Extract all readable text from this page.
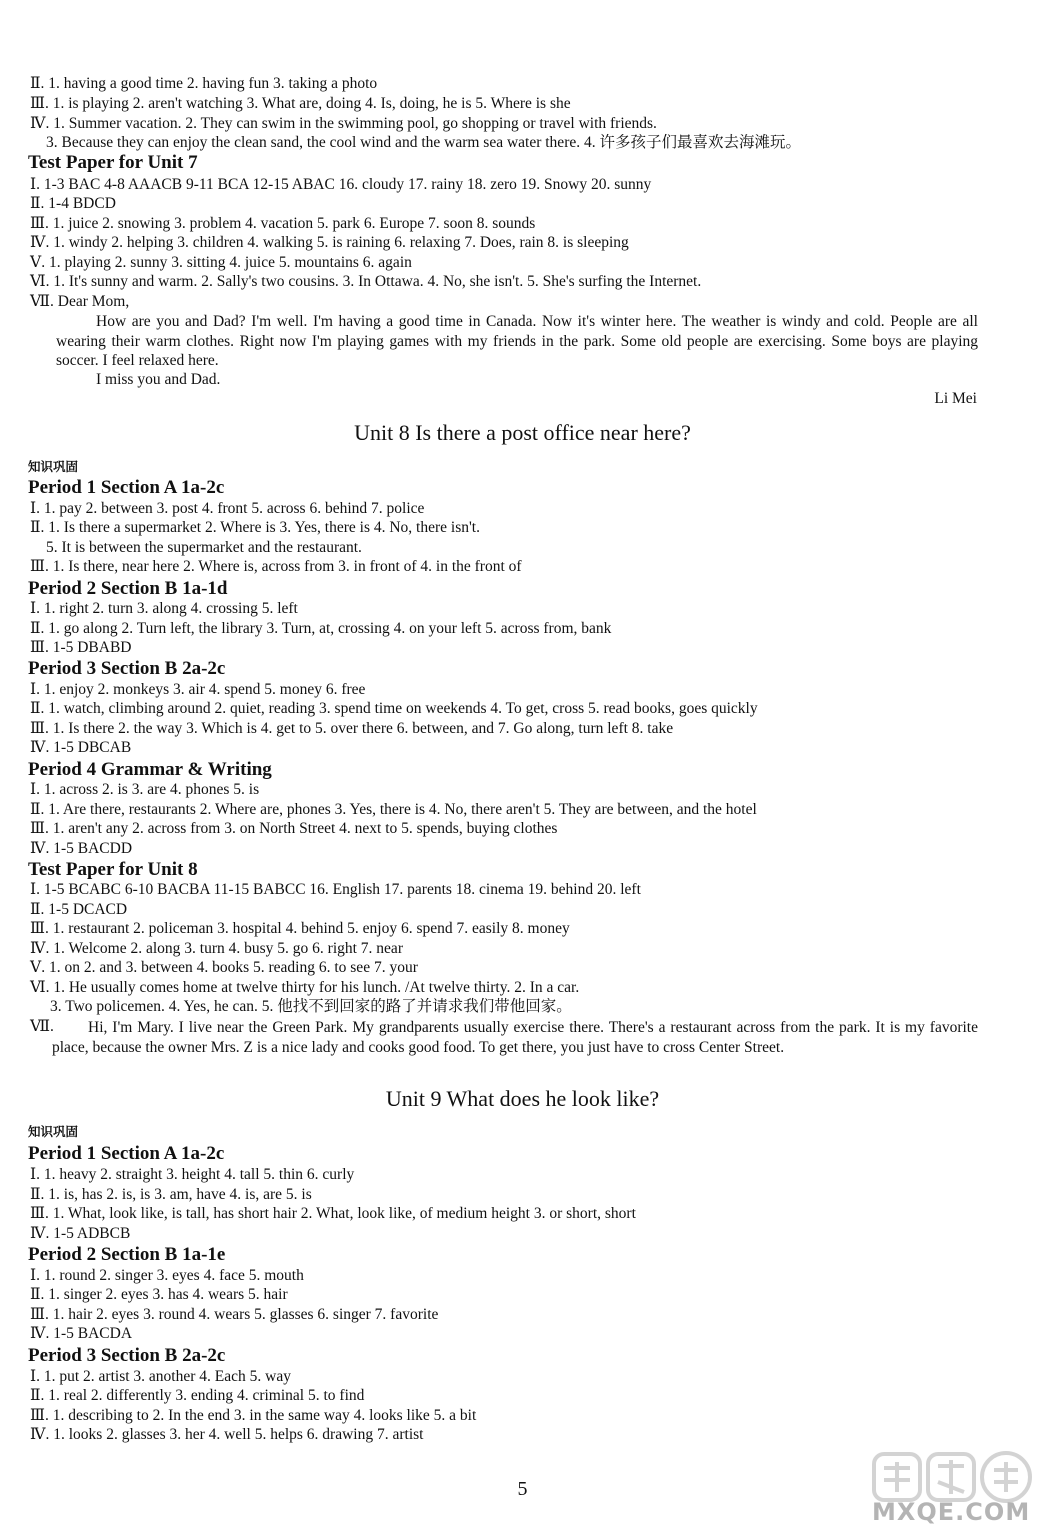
Ⅱ. 1. having a good time 2. having fun 3. taking a photo
Ⅲ. 1. is playing 2. aren't watching 3. What are, doing 4. Is, doing, he is 5. Where is she
Ⅳ. 1. Summer vacation. 2. They can swim in the swimming pool, go shopping or travel with friends.
3. Because they can enjoy the clean sand, the cool wind and the warm sea water there. 4. 许多孩子们最喜欢去海滩玩。
Test Paper for Unit 7
Ⅰ. 1-3 BAC 4-8 AAACB 9-11 BCA 12-15 ABAC 16. cloudy 17. rainy 18. zero 19. Snowy 20. sunny
Ⅱ. 1-4 BDCD
Ⅲ. 1. juice 2. snowing 3. problem 4. vacation 5. park 6. Europe 7. soon 8. sounds
Ⅳ. 1. windy 2. helping 3. children 4. walking 5. is raining 6. relaxing 7. Does, rain 8. is sleeping
Ⅴ. 1. playing 2. sunny 3. sitting 4. juice 5. mountains 6. again
Ⅵ. 1. It's sunny and warm. 2. Sally's two cousins. 3. In Ottawa. 4. No, she isn't. 5. She's surfing the Internet.
Ⅶ. Dear Mom,
How are you and Dad? I'm well. I'm having a good time in Canada. Now it's winter here. The weather is windy and cold. People are all wearing their warm clothes. Right now I'm playing games with my friends in the park. Some old people are exercising. Some boys are playing soccer. I feel relaxed here.
I miss you and Dad.
Li Mei
Unit 8 Is there a post office near here?
知识巩固
Period 1 Section A 1a-2c
Ⅰ. 1. pay 2. between 3. post 4. front 5. across 6. behind 7. police
Ⅱ. 1. Is there a supermarket 2. Where is 3. Yes, there is 4. No, there isn't.
5. It is between the supermarket and the restaurant.
Ⅲ. 1. Is there, near here 2. Where is, across from 3. in front of 4. in the front of
Period 2 Section B 1a-1d
Ⅰ. 1. right 2. turn 3. along 4. crossing 5. left
Ⅱ. 1. go along 2. Turn left, the library 3. Turn, at, crossing 4. on your left 5. across from, bank
Ⅲ. 1-5 DBABD
Period 3 Section B 2a-2c
Ⅰ. 1. enjoy 2. monkeys 3. air 4. spend 5. money 6. free
Ⅱ. 1. watch, climbing around 2. quiet, reading 3. spend time on weekends 4. To get, cross 5. read books, goes quickly
Ⅲ. 1. Is there 2. the way 3. Which is 4. get to 5. over there 6. between, and 7. Go along, turn left 8. take
Ⅳ. 1-5 DBCAB
Period 4 Grammar & Writing
Ⅰ. 1. across 2. is 3. are 4. phones 5. is
Ⅱ. 1. Are there, restaurants 2. Where are, phones 3. Yes, there is 4. No, there aren't 5. They are between, and the hotel
Ⅲ. 1. aren't any 2. across from 3. on North Street 4. next to 5. spends, buying clothes
Ⅳ. 1-5 BACDD
Test Paper for Unit 8
Ⅰ. 1-5 BCABC 6-10 BACBA 11-15 BABCC 16. English 17. parents 18. cinema 19. behind 20. left
Ⅱ. 1-5 DCACD
Ⅲ. 1. restaurant 2. policeman 3. hospital 4. behind 5. enjoy 6. spend 7. easily 8. money
Ⅳ. 1. Welcome 2. along 3. turn 4. busy 5. go 6. right 7. near
Ⅴ. 1. on 2. and 3. between 4. books 5. reading 6. to see 7. your
Ⅵ. 1. He usually comes home at twelve thirty for his lunch. /At twelve thirty. 2. In a car.
3. Two policemen. 4. Yes, he can. 5. 他找不到回家的路了并请求我们带他回家。
Ⅶ.	Hi, I'm Mary. I live near the Green Park. My grandparents usually exercise there. There's a restaurant across from the park. It is my favorite place, because the owner Mrs. Z is a nice lady and cooks good food. To get there, you just have to cross Center Street.
Unit 9 What does he look like?
知识巩固
Period 1 Section A 1a-2c
Ⅰ. 1. heavy 2. straight 3. height 4. tall 5. thin 6. curly
Ⅱ. 1. is, has 2. is, is 3. am, have 4. is, are 5. is
Ⅲ. 1. What, look like, is tall, has short hair 2. What, look like, of medium height 3. or short, short
Ⅳ. 1-5 ADBCB
Period 2 Section B 1a-1e
Ⅰ. 1. round 2. singer 3. eyes 4. face 5. mouth
Ⅱ. 1. singer 2. eyes 3. has 4. wears 5. hair
Ⅲ. 1. hair 2. eyes 3. round 4. wears 5. glasses 6. singer 7. favorite
Ⅳ. 1-5 BACDA
Period 3 Section B 2a-2c
Ⅰ. 1. put 2. artist 3. another 4. Each 5. way
Ⅱ. 1. real 2. differently 3. ending 4. criminal 5. to find
Ⅲ. 1. describing to 2. In the end 3. in the same way 4. looks like 5. a bit
Ⅳ. 1. looks 2. glasses 3. her 4. well 5. helps 6. drawing 7. artist
5
MXQE.COM
